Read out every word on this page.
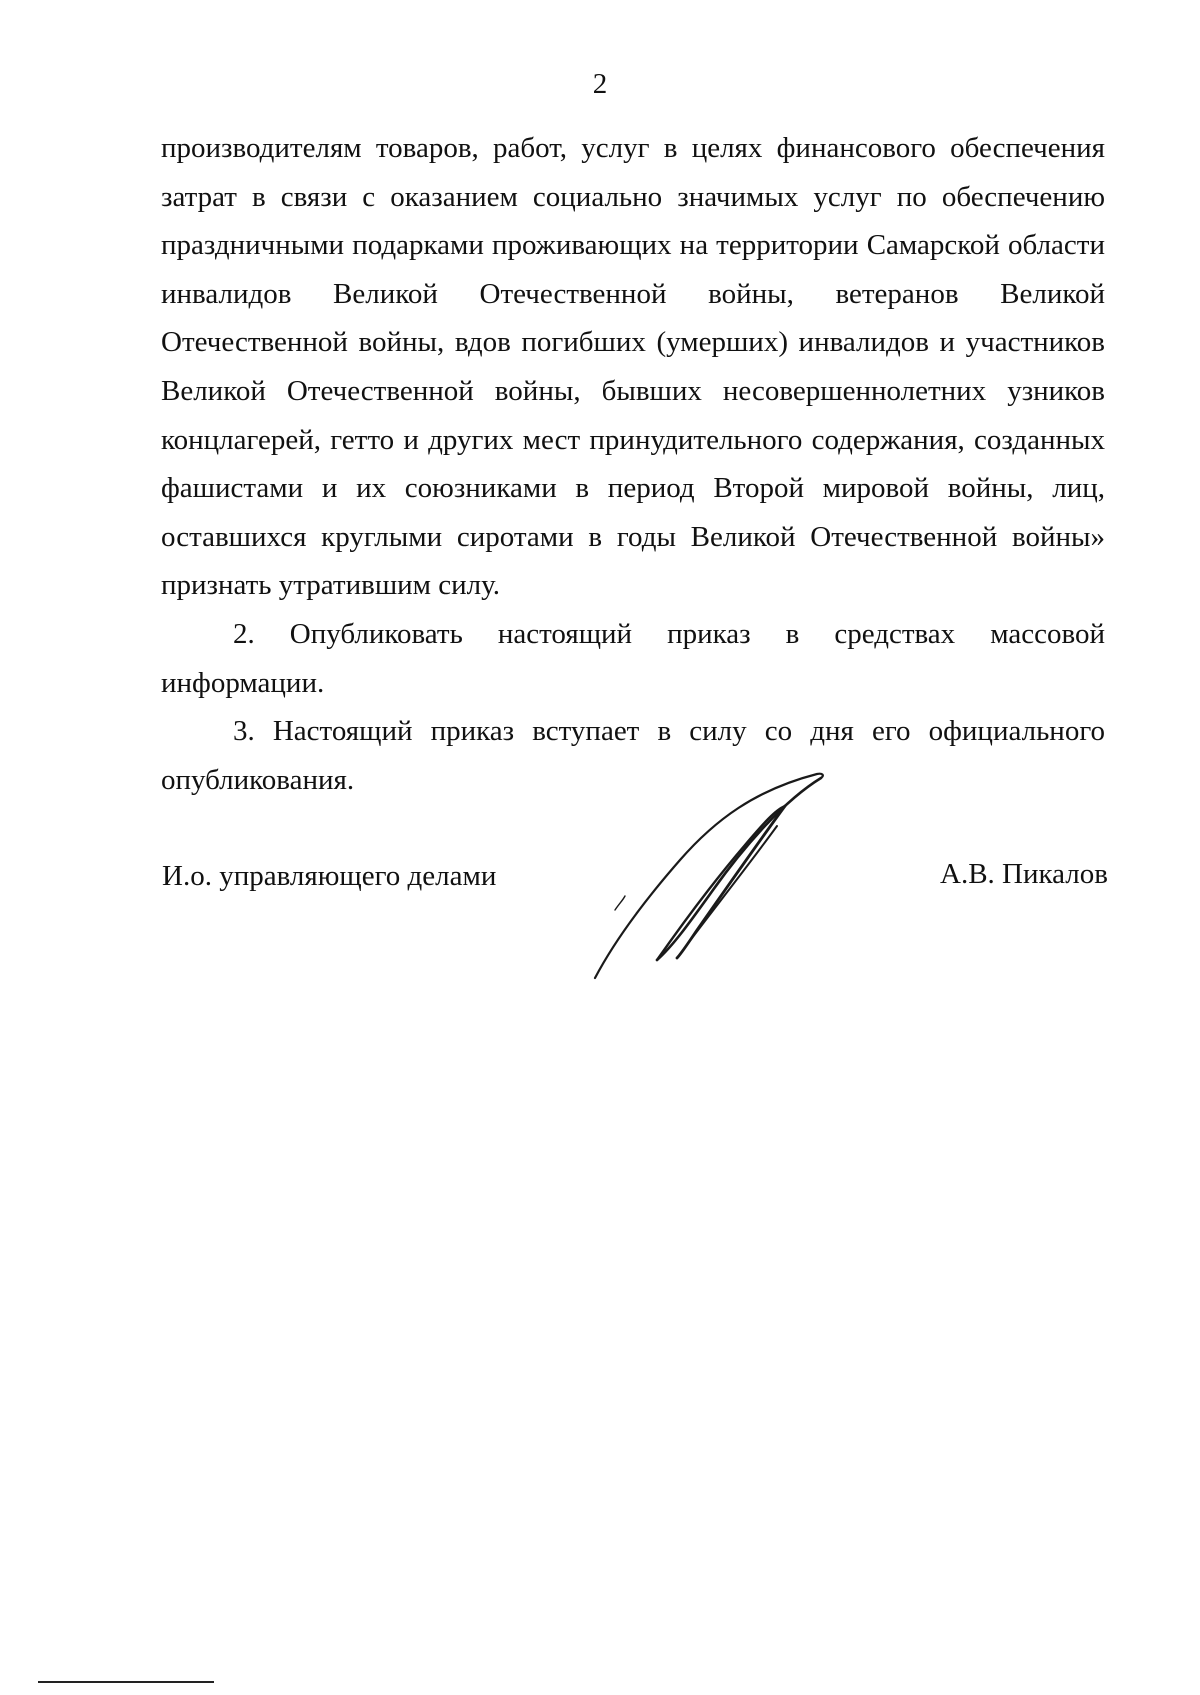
2

производителям товаров, работ, услуг в целях финансового обеспечения затрат в связи с оказанием социально значимых услуг по обеспечению праздничными подарками проживающих на территории Самарской области инвалидов Великой Отечественной войны, ветеранов Великой Отечественной войны, вдов погибших (умерших) инвалидов и участников Великой Отечественной войны, бывших несовершеннолетних узников концлагерей, гетто и других мест принудительного содержания, созданных фашистами и их союзниками в период Второй мировой войны, лиц, оставшихся круглыми сиротами в годы Великой Отечественной войны» признать утратившим силу.

2. Опубликовать настоящий приказ в средствах массовой информации.

3. Настоящий приказ вступает в силу со дня его официального опубликования.

И.о. управляющего делами	А.В. Пикалов
